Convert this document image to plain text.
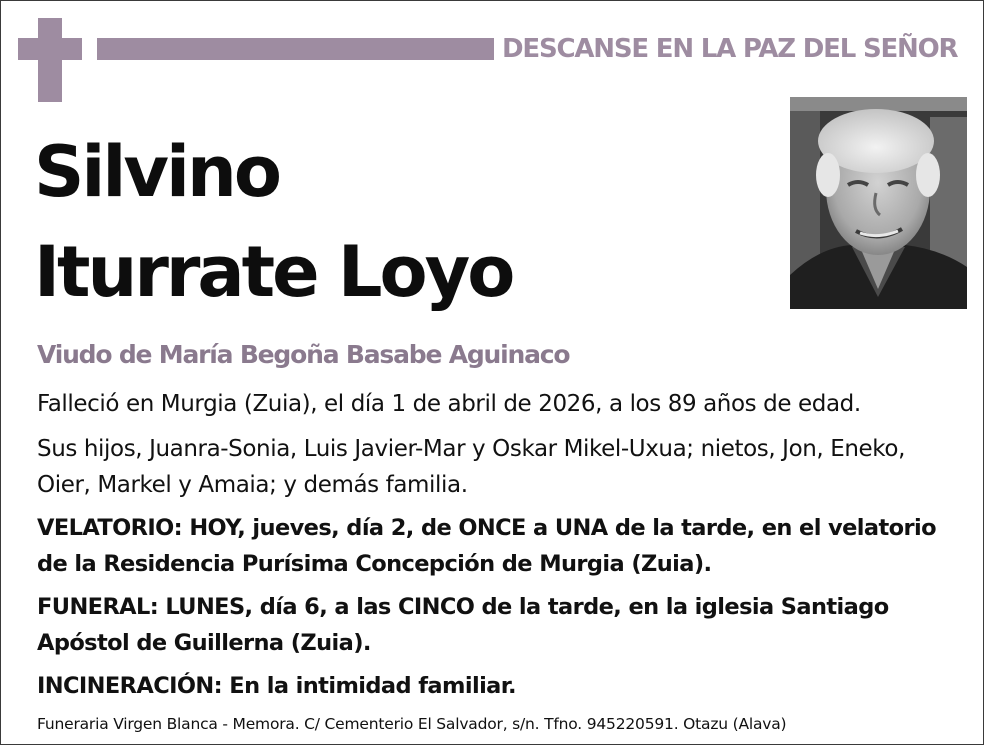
DESCANSE EN LA PAZ DEL SEÑOR
Silvino
Iturrate Loyo
Viudo de María Begoña Basabe Aguinaco
Falleció en Murgia (Zuia), el día 1 de abril de 2026, a los 89 años de edad.
Sus hijos, Juanra-Sonia, Luis Javier-Mar y Oskar Mikel-Uxua; nietos, Jon, Eneko, Oier, Markel y Amaia; y demás familia.
VELATORIO: HOY, jueves, día 2, de ONCE a UNA de la tarde, en el velatorio de la Residencia Purísima Concepción de Murgia (Zuia).
FUNERAL: LUNES, día 6, a las CINCO de la tarde, en la iglesia Santiago Apóstol de Guillerna (Zuia).
INCINERACIÓN: En la intimidad familiar.
Funeraria Virgen Blanca - Memora. C/ Cementerio El Salvador, s/n. Tfno. 945220591. Otazu (Alava)
